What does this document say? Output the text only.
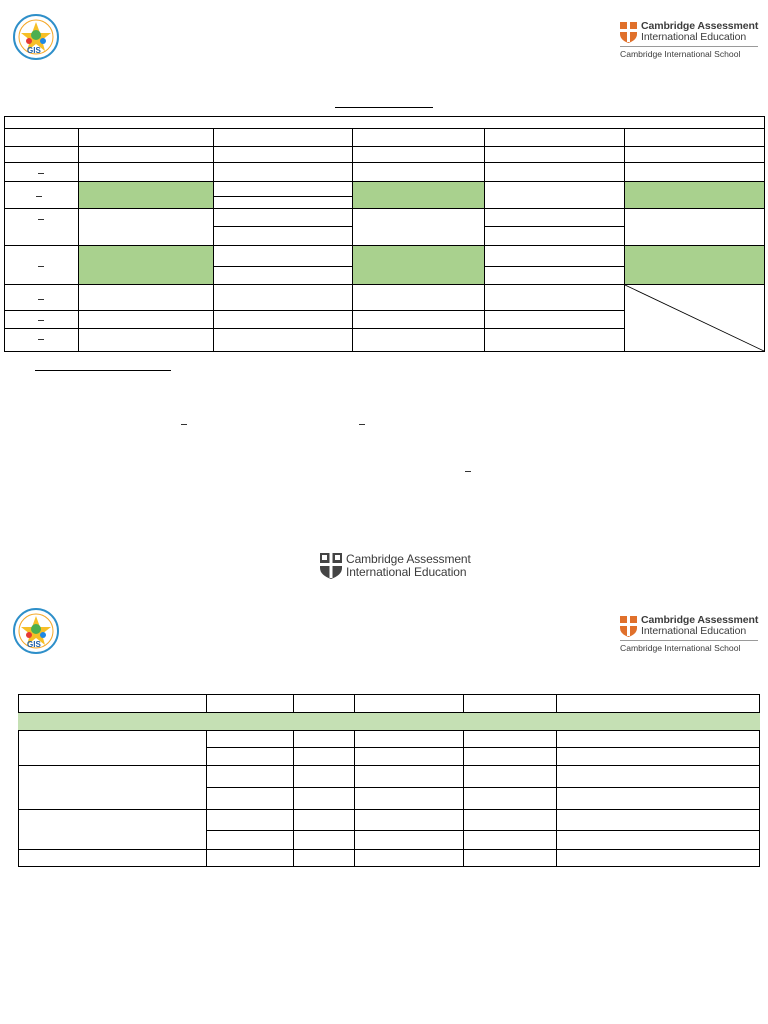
GIS
Cambridge Assessment
International Education
Cambridge International School
Cambridge Assessment
International Education
GIS
Cambridge Assessment
International Education
Cambridge International School
